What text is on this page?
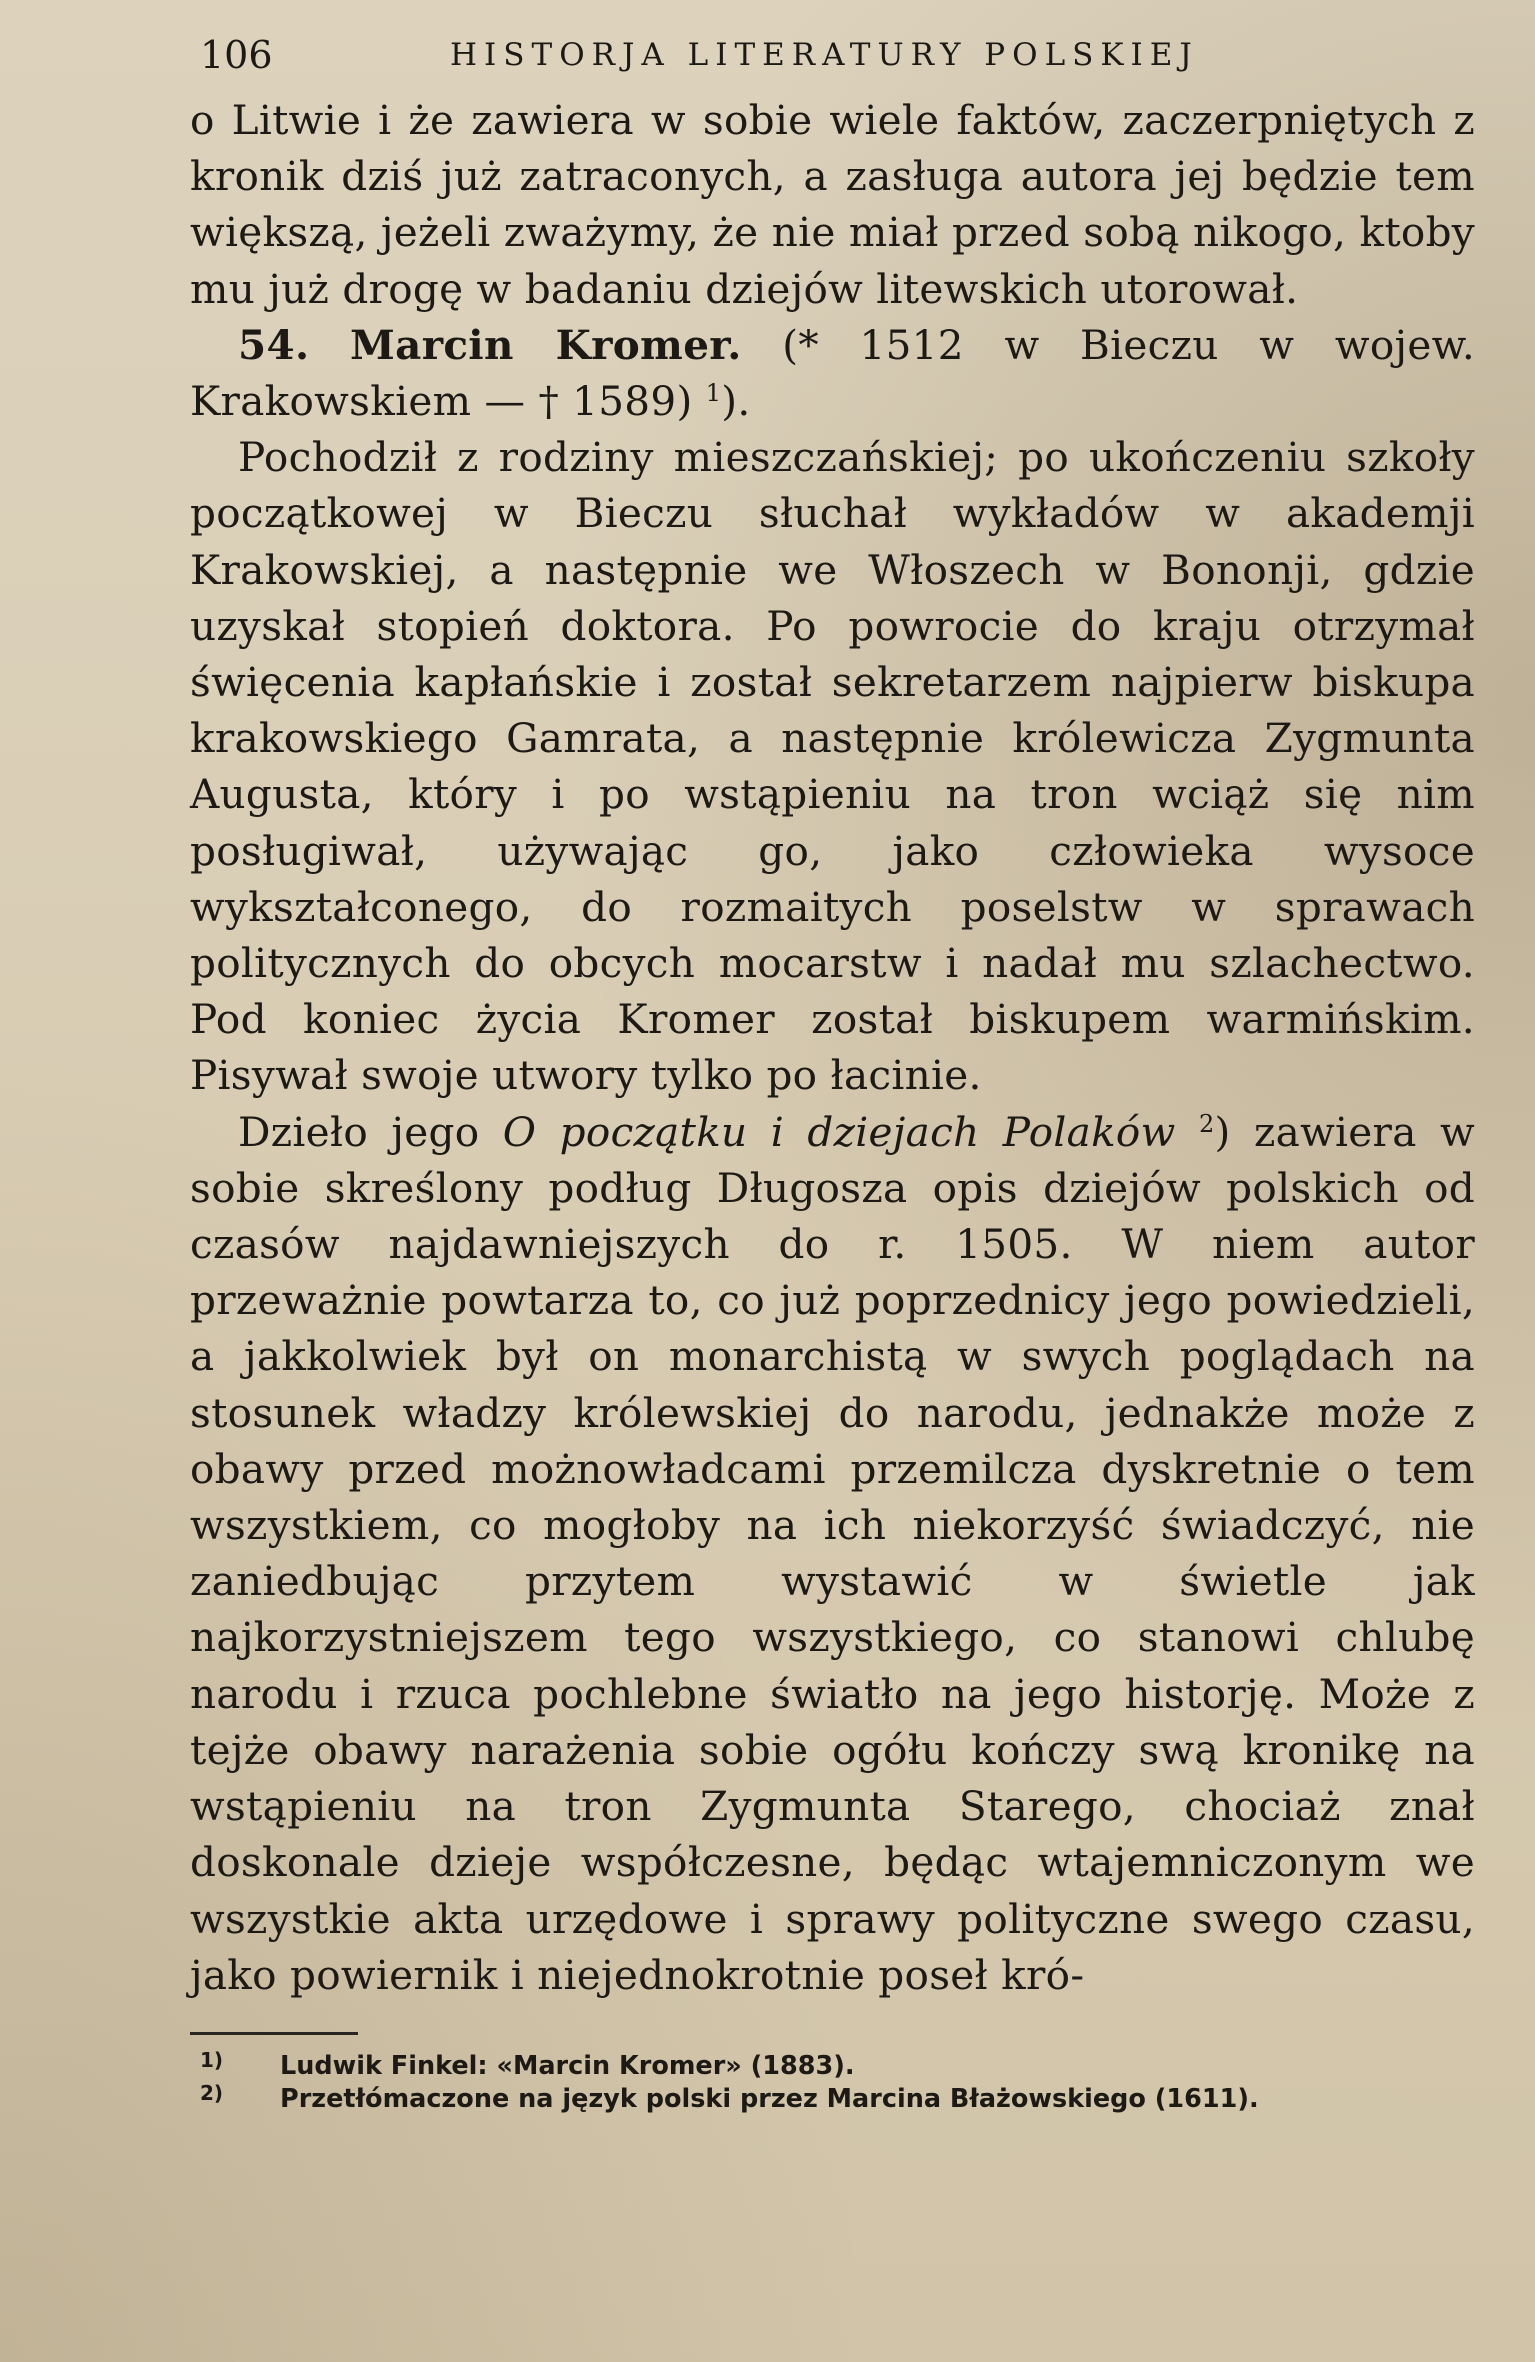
106	HISTORJA LITERATURY POLSKIEJ

o Litwie i że zawiera w sobie wiele faktów, zaczerpniętych z kronik dziś już zatraconych, a zasługa autora jej będzie tem większą, jeżeli zważymy, że nie miał przed sobą nikogo, ktoby mu już drogę w badaniu dziejów litewskich utorował.

54. Marcin Kromer. (* 1512 w Bieczu w wojew. Krakowskiem — † 1589) $^1$).

Pochodził z rodziny mieszczańskiej; po ukończeniu szkoły początkowej w Bieczu słuchał wykładów w akademji Krakowskiej, a następnie we Włoszech w Bononji, gdzie uzyskał stopień doktora. Po powrocie do kraju otrzymał święcenia kapłańskie i został sekretarzem najpierw biskupa krakowskiego Gamrata, a następnie królewicza Zygmunta Augusta, który i po wstąpieniu na tron wciąż się nim posługiwał, używając go, jako człowieka wysoce wykształconego, do rozmaitych poselstw w sprawach politycznych do obcych mocarstw i nadał mu szlachectwo. Pod koniec życia Kromer został biskupem warmińskim. Pisywał swoje utwory tylko po łacinie.

Dzieło jego O początku i dziejach Polaków $^2$) zawiera w sobie skreślony podług Długosza opis dziejów polskich od czasów najdawniejszych do r. 1505. W niem autor przeważnie powtarza to, co już poprzednicy jego powiedzieli, a jakkolwiek był on monarchistą w swych poglądach na stosunek władzy królewskiej do narodu, jednakże może z obawy przed możnowładcami przemilcza dyskretnie o tem wszystkiem, co mogłoby na ich niekorzyść świadczyć, nie zaniedbując przytem wystawić w świetle jak najkorzystniejszem tego wszystkiego, co stanowi chlubę narodu i rzuca pochlebne światło na jego historję. Może z tejże obawy narażenia sobie ogółu kończy swą kronikę na wstąpieniu na tron Zygmunta Starego, chociaż znał doskonale dzieje współczesne, będąc wtajemniczonym we wszystkie akta urzędowe i sprawy polityczne swego czasu, jako powiernik i niejednokrotnie poseł kró-

1) Ludwik Finkel: «Marcin Kromer» (1883).
2) Przetłómaczone na język polski przez Marcina Błażowskiego (1611).
